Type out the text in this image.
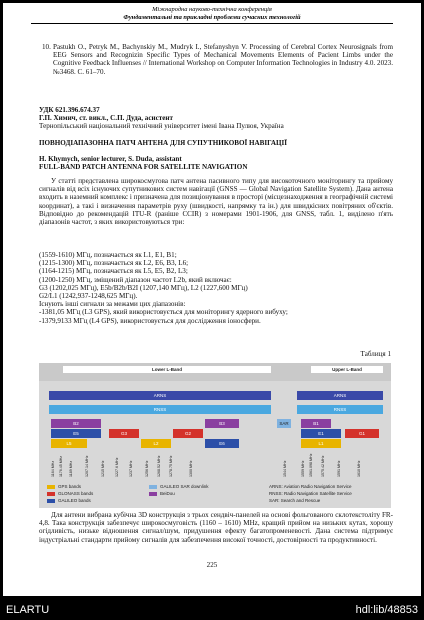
Міжнародна науково-технічна конференція
Фундаментальні та прикладні проблеми сучасних технологій
10. Pastukh O., Petryk M., Bachynskiy M., Mudryk I., Stefanyshyn V. Processing of Cerebral Cortex Neurosignals from EEG Sensors and Recognizin Specific Types of Mechanical Movements Elements of Pacient Limbs under the Cognitive Feedback Influenses // International Workshop on Computer Information Technologies in Industry 4.0. 2023. №3468. С. 61–70.
УДК 621.396.674.37
Г.П. Химич, ст. викл., С.П. Дуда, асистент
Тернопільський національний технічний університет імені Івана Пулюя, Україна
ПОВНОДІАПАЗОННА ПАТЧ АНТЕНА ДЛЯ СУПУТНИКОВОЇ НАВІГАЦІЇ
H. Khymych, senior lecturer, S. Duda, assistant
FULL-BAND PATCH ANTENNA FOR SATELLITE NAVIGATION
У статті представлена широкосмугова патч антена пасивного типу для високоточного моніторингу та прийому сигналів від всіх існуючих супутникових систем навігації (GNSS — Global Navigation Satellite System). Дана антена входить в наземний комплекс і призначена для позиціонування в просторі (місцезнаходження в географічній системі координат), а такі і визначення параметрів руху (швидкості, напрямку та ін.) для швидкісних повітряних об'єктів. Відповідно до рекомендацій ITU-R (раніше CCIR) з номерами 1901-1906, для GNSS, табл. 1, виділено п'ять діапазонів частот, з яких використовуються три:
(1559-1610) МГц, позначається як L1, E1, B1;
(1215-1300) МГц, позначається як L2, E6, B3, L6;
(1164-1215) МГц, позначається як L5, E5, B2, L3;
(1200-1250) МГц, зміщений діапазон частот L2b, який включає:
G3 (1202,025 МГц), E5b/B2b/B2I (1207,140 МГц), L2 (1227,600 МГц)
G2/L1 (1242,937-1248,625 МГц).
Існують інші сигнали за межами цих діапазонів:
-1381,05 МГц (L3 GPS), який використовується для моніторингу ядерного вибуху;
-1379,9133 МГц (L4 GPS), використовується для дослідження іоносфери.
Таблиця 1
Lower L-Band	Upper L-Band
ARNS	ARNS
RNSS	RNSS
B2
E5
L5
G3
L2
G2
B3
E6
SAR	B1
E1
L1
G1
1164 MHz 1176.45 MHz 1189 MHz	1207.14 MHz	1215 MHz	1227.6 MHz	1237 MHz	1256 MHz 1268.52 MHz 1278.75 MHz	1300 MHz	1544 MHz	1559 MHz 1561.098 MHz 1575.42 MHz	1591 MHz	1610 MHz
GPS bands
GLONASS bands
GALILEO bands
GALILEO SAR downlink
BeiDou
ARNS: Aviation Radio Navigation Service
RNSS: Radio Navigation Satellite Service
SAR: Search and Rescue
Для антени вибрана кубічна 3D конструкція з трьох сендвіч-панелей на основі фольгованого склотекстоліту FR-4,8. Така конструкція забезпечує широкосмуговість (1160 – 1610) MHz, кращий прийом на низьких кутах, хорошу огідливість, низьке відношення сигнал/шум, придушення ефекту багатопроменевості. Дана система підтримує індустріальні стандарти прийому сигналів для забезпечення високої точності, достовірності та продуктивності.
225
ELARTU	hdl:lib/48853
